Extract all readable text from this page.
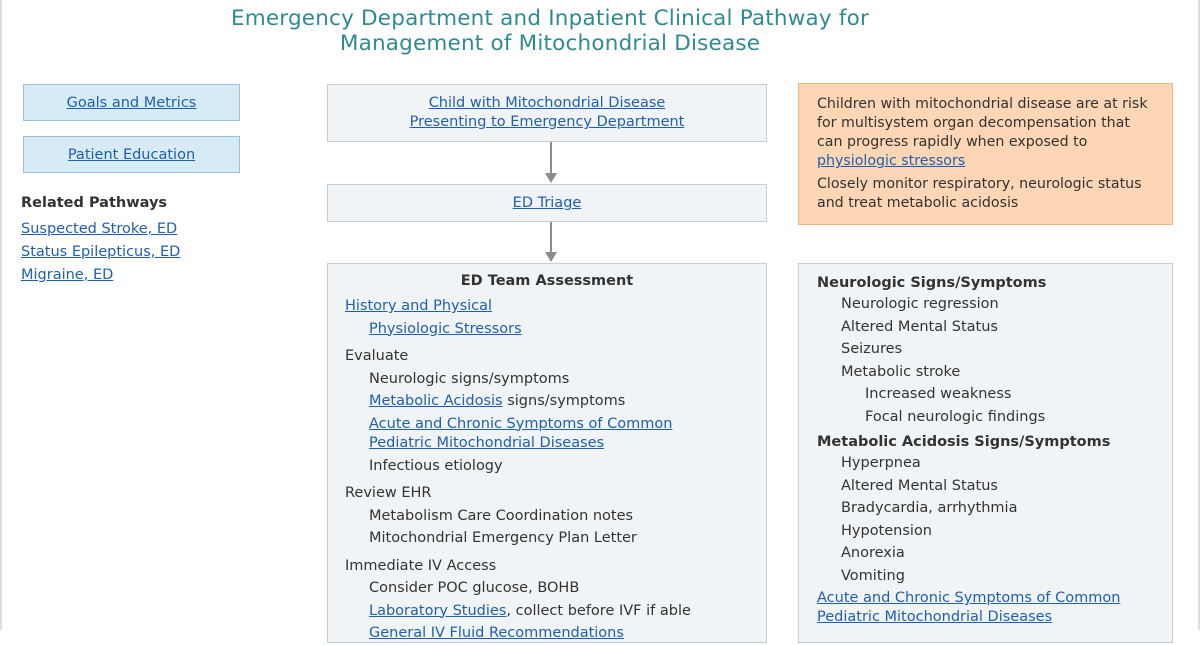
Emergency Department and Inpatient Clinical Pathway for
Management of Mitochondrial Disease
Goals and Metrics
Patient Education
Related Pathways
Suspected Stroke, ED
Status Epilepticus, ED
Migraine, ED
Child with Mitochondrial Disease
Presenting to Emergency Department
ED Triage

Children with mitochondrial disease are at risk for multisystem organ decompensation that can progress rapidly when exposed to physiologic stressors

Closely monitor respiratory, neurologic status and treat metabolic acidosis

ED Team Assessment
History and Physical
Physiologic Stressors
Evaluate
Neurologic signs/symptoms
Metabolic Acidosis signs/symptoms
Acute and Chronic Symptoms of Common Pediatric Mitochondrial Diseases
Infectious etiology
Review EHR
Metabolism Care Coordination notes
Mitochondrial Emergency Plan Letter
Immediate IV Access
Consider POC glucose, BOHB
Laboratory Studies, collect before IVF if able
General IV Fluid Recommendations
Neurologic Signs/Symptoms
Neurologic regression
Altered Mental Status
Seizures
Metabolic stroke
Increased weakness
Focal neurologic findings
Metabolic Acidosis Signs/Symptoms
Hyperpnea
Altered Mental Status
Bradycardia, arrhythmia
Hypotension
Anorexia
Vomiting
Acute and Chronic Symptoms of Common Pediatric Mitochondrial Diseases
